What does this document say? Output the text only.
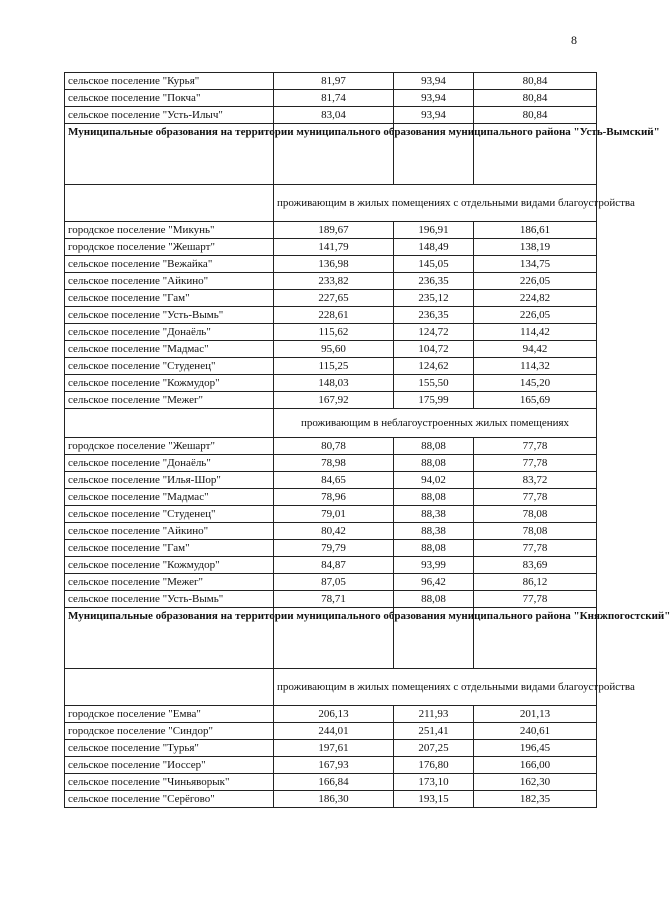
8
сельское поселение "Курья"	81,97	93,94	80,84
сельское поселение "Покча"	81,74	93,94	80,84
сельское поселение "Усть-Илыч"	83,04	93,94	80,84
Муниципальные образования на территории муниципального образования муниципального района "Усть-Вымский"			
	проживающим в жилых помещениях с отдельными видами благоустройства		
городское поселение "Микунь"	189,67	196,91	186,61
городское поселение "Жешарт"	141,79	148,49	138,19
сельское поселение "Вежайка"	136,98	145,05	134,75
сельское поселение "Айкино"	233,82	236,35	226,05
сельское поселение "Гам"	227,65	235,12	224,82
сельское поселение "Усть-Вымь"	228,61	236,35	226,05
сельское поселение "Донаёль"	115,62	124,72	114,42
сельское поселение "Мадмас"	95,60	104,72	94,42
сельское поселение "Студенец"	115,25	124,62	114,32
сельское поселение "Кожмудор"	148,03	155,50	145,20
сельское поселение "Межег"	167,92	175,99	165,69
	проживающим в неблагоустроенных жилых помещениях		
городское поселение "Жешарт"	80,78	88,08	77,78
сельское поселение "Донаёль"	78,98	88,08	77,78
сельское поселение "Илья-Шор"	84,65	94,02	83,72
сельское поселение "Мадмас"	78,96	88,08	77,78
сельское поселение "Студенец"	79,01	88,38	78,08
сельское поселение "Айкино"	80,42	88,38	78,08
сельское поселение "Гам"	79,79	88,08	77,78
сельское поселение "Кожмудор"	84,87	93,99	83,69
сельское поселение "Межег"	87,05	96,42	86,12
сельское поселение "Усть-Вымь"	78,71	88,08	77,78
Муниципальные образования на территории муниципального образования муниципального района "Княжпогостский"			
	проживающим в жилых помещениях с отдельными видами благоустройства		
городское поселение "Емва"	206,13	211,93	201,13
городское поселение "Синдор"	244,01	251,41	240,61
сельское поселение "Турья"	197,61	207,25	196,45
сельское поселение "Иоссер"	167,93	176,80	166,00
сельское поселение "Чиньяворык"	166,84	173,10	162,30
сельское поселение "Серёгово"	186,30	193,15	182,35
